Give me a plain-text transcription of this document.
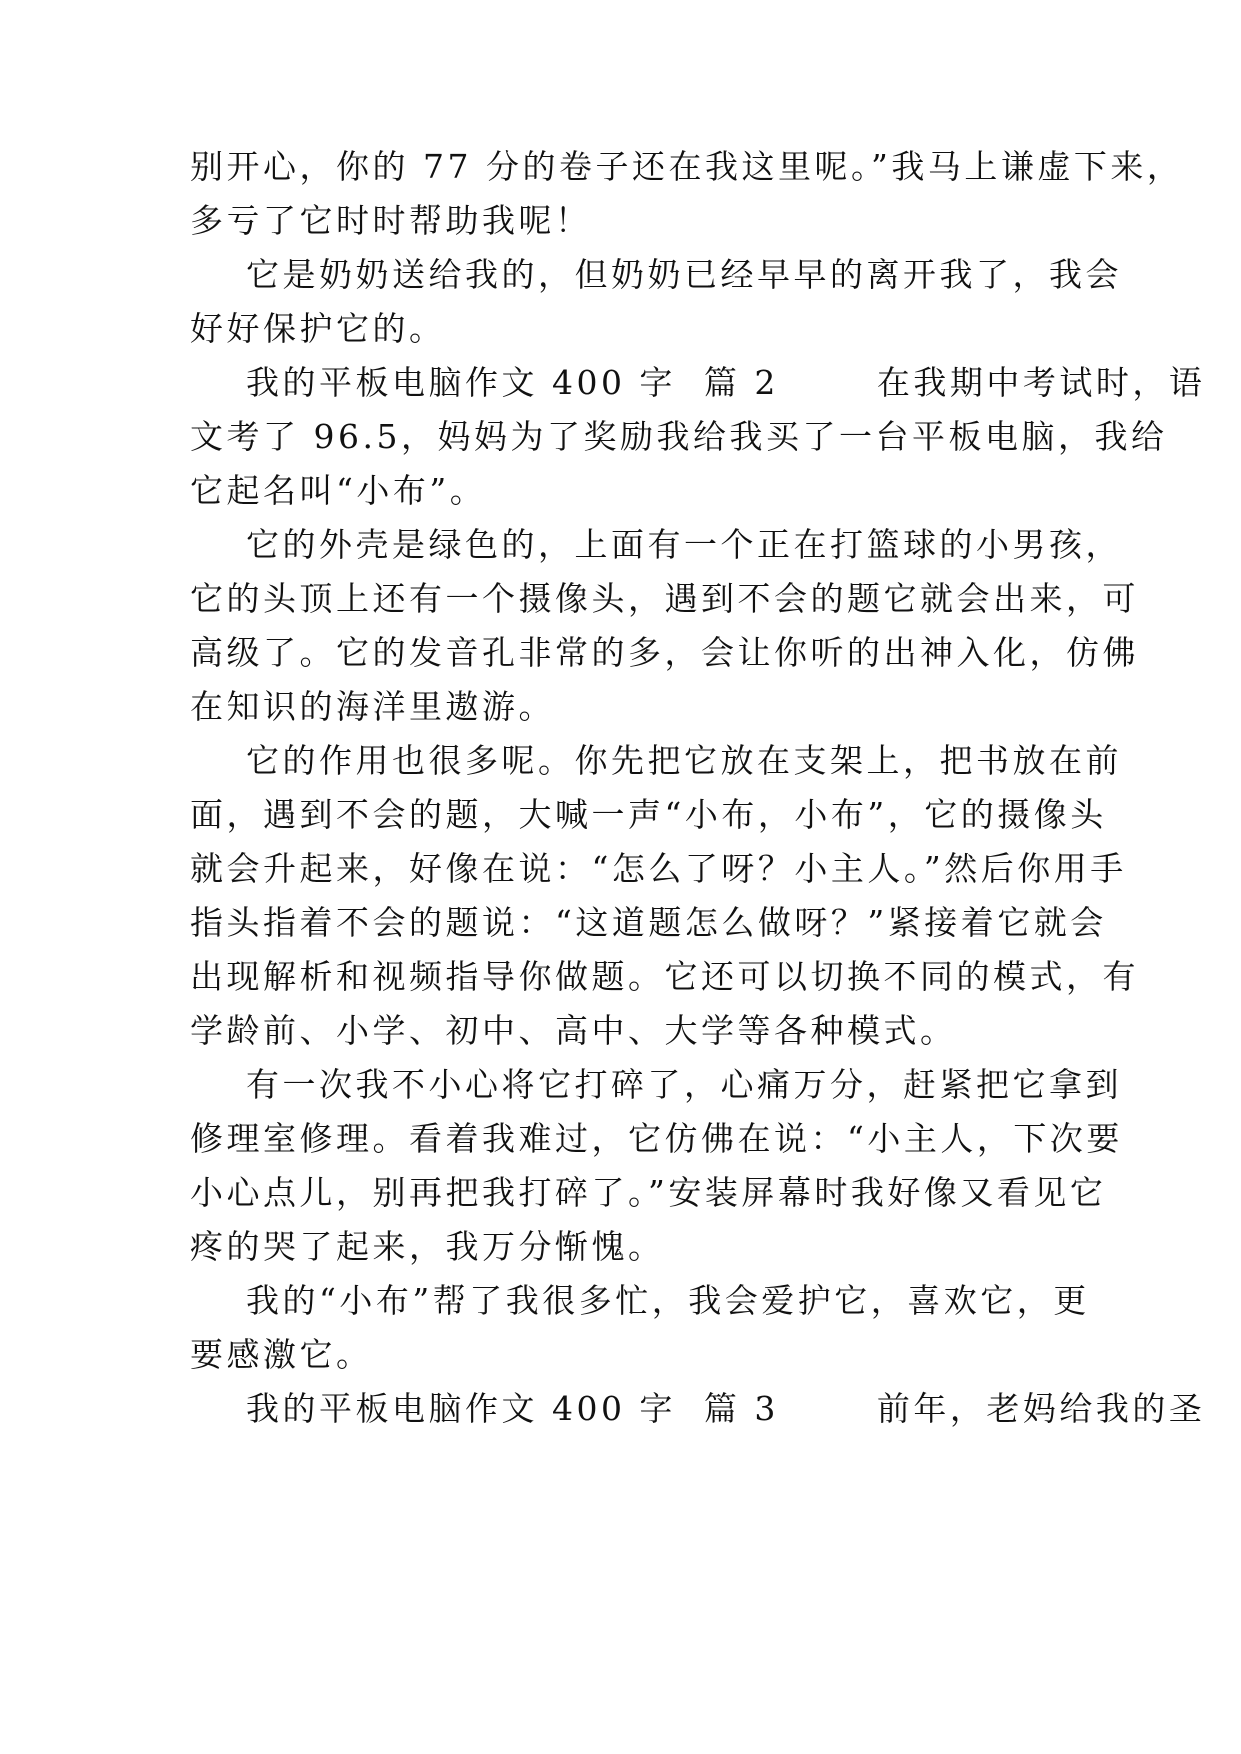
别开心，你的 77 分的卷子还在我这里呢。”我马上谦虚下来，
多亏了它时时帮助我呢！
它是奶奶送给我的，但奶奶已经早早的离开我了，我会
好好保护它的。
我的平板电脑作文 400 字  篇 2       在我期中考试时，语
文考了 96.5，妈妈为了奖励我给我买了一台平板电脑，我给
它起名叫“小布”。
它的外壳是绿色的，上面有一个正在打篮球的小男孩，
它的头顶上还有一个摄像头，遇到不会的题它就会出来，可
高级了。它的发音孔非常的多，会让你听的出神入化，仿佛
在知识的海洋里遨游。
它的作用也很多呢。你先把它放在支架上，把书放在前
面，遇到不会的题，大喊一声“小布，小布”，它的摄像头
就会升起来，好像在说：“怎么了呀？小主人。”然后你用手
指头指着不会的题说：“这道题怎么做呀？”紧接着它就会
出现解析和视频指导你做题。它还可以切换不同的模式，有
学龄前、小学、初中、高中、大学等各种模式。
有一次我不小心将它打碎了，心痛万分，赶紧把它拿到
修理室修理。看着我难过，它仿佛在说：“小主人，下次要
小心点儿，别再把我打碎了。”安装屏幕时我好像又看见它
疼的哭了起来，我万分惭愧。
我的“小布”帮了我很多忙，我会爱护它，喜欢它，更
要感激它。
我的平板电脑作文 400 字  篇 3       前年，老妈给我的圣
